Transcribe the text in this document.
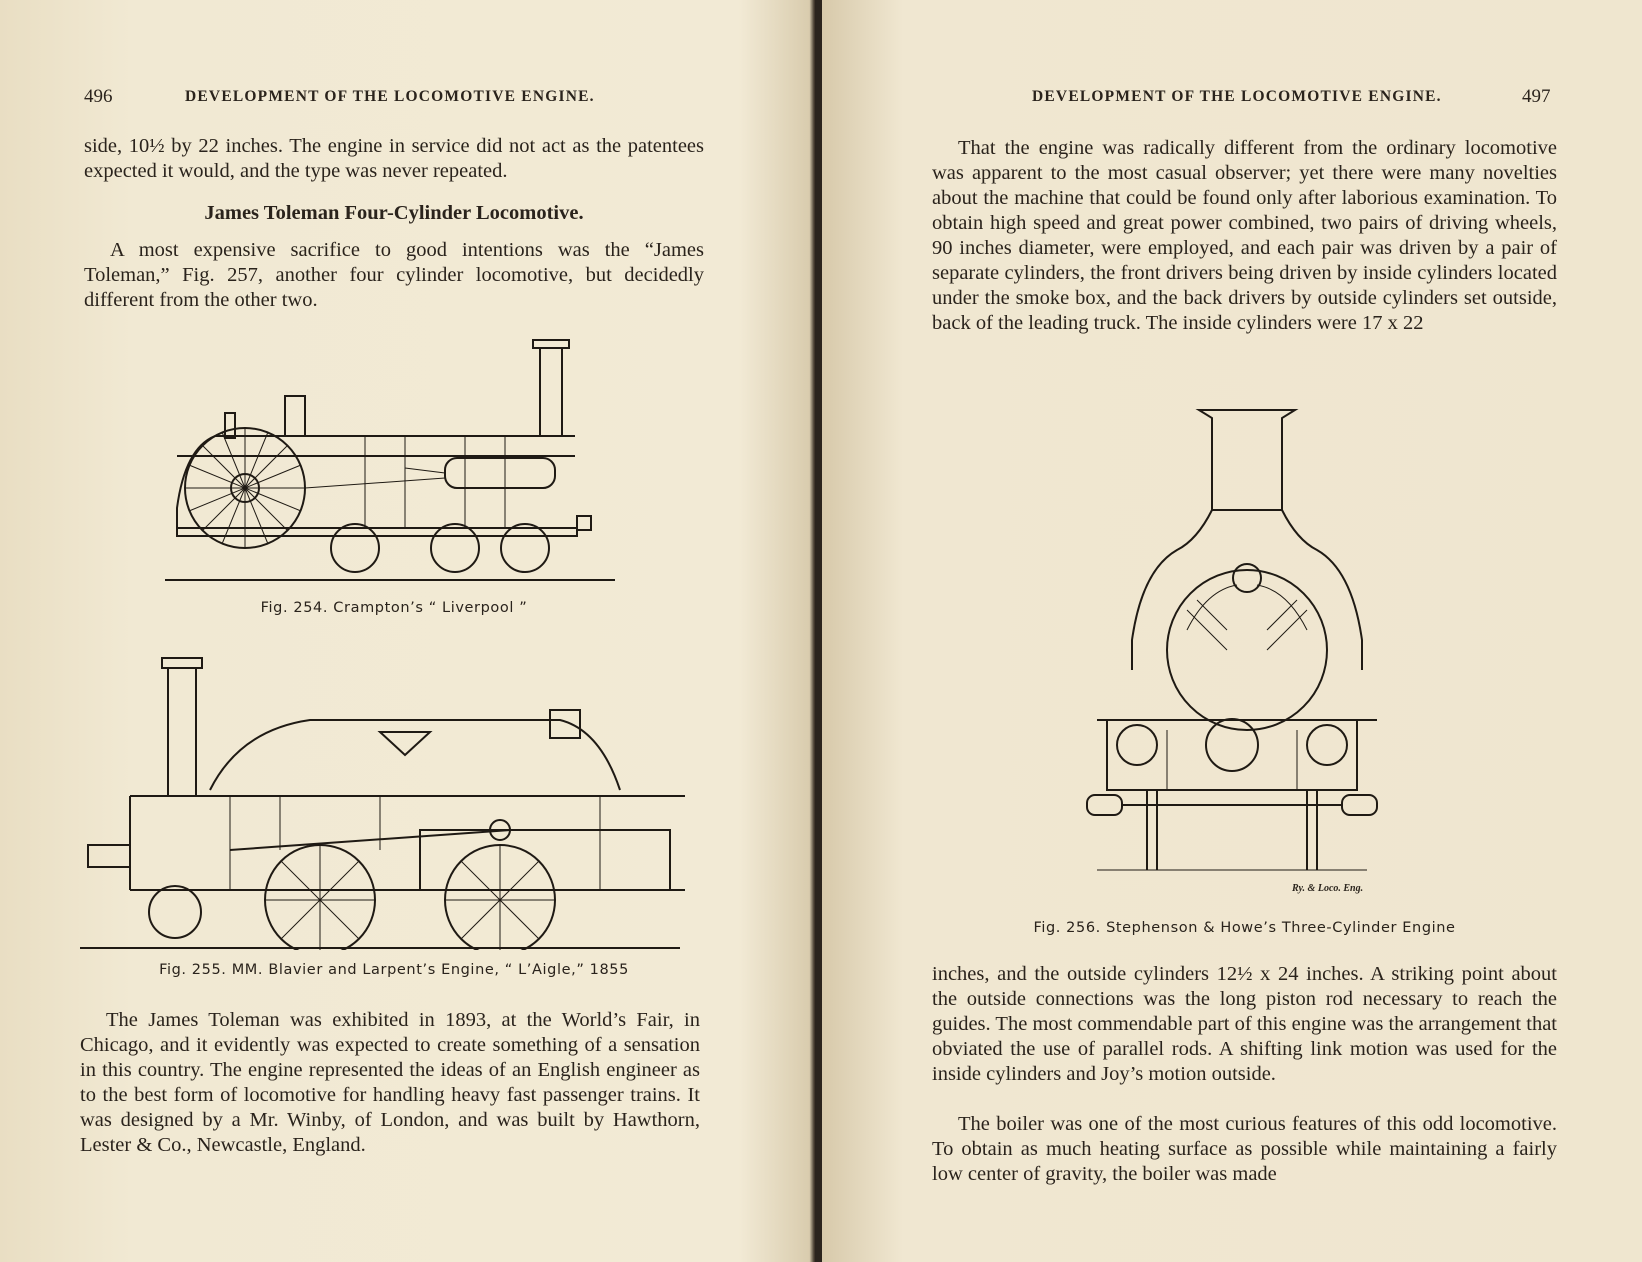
496	DEVELOPMENT OF THE LOCOMOTIVE ENGINE.

side, 10½ by 22 inches. The engine in service did not act as the patentees expected it would, and the type was never repeated.

James Toleman Four-Cylinder Locomotive.

A most expensive sacrifice to good intentions was the “James Toleman,” Fig. 257, another four cylinder locomotive, but decidedly different from the other two.

Fig. 254. Crampton’s “ Liverpool ”
Fig. 255. MM. Blavier and Larpent’s Engine, “ L’Aigle,” 1855

The James Toleman was exhibited in 1893, at the World’s Fair, in Chicago, and it evidently was expected to create something of a sensation in this country. The engine represented the ideas of an English engineer as to the best form of locomotive for handling heavy fast passenger trains. It was designed by a Mr. Winby, of London, and was built by Hawthorn, Lester & Co., Newcastle, England.

DEVELOPMENT OF THE LOCOMOTIVE ENGINE.	497

That the engine was radically different from the ordinary locomotive was apparent to the most casual observer; yet there were many novelties about the machine that could be found only after laborious examination. To obtain high speed and great power combined, two pairs of driving wheels, 90 inches diameter, were employed, and each pair was driven by a pair of separate cylinders, the front drivers being driven by inside cylinders located under the smoke box, and the back drivers by outside cylinders set outside, back of the leading truck. The inside cylinders were 17 x 22

Ry. & Loco. Eng.
Fig. 256. Stephenson & Howe’s Three-Cylinder Engine

inches, and the outside cylinders 12½ x 24 inches. A striking point about the outside connections was the long piston rod necessary to reach the guides. The most commendable part of this engine was the arrangement that obviated the use of parallel rods. A shifting link motion was used for the inside cylinders and Joy’s motion outside.

The boiler was one of the most curious features of this odd locomotive. To obtain as much heating surface as possible while maintaining a fairly low center of gravity, the boiler was made
